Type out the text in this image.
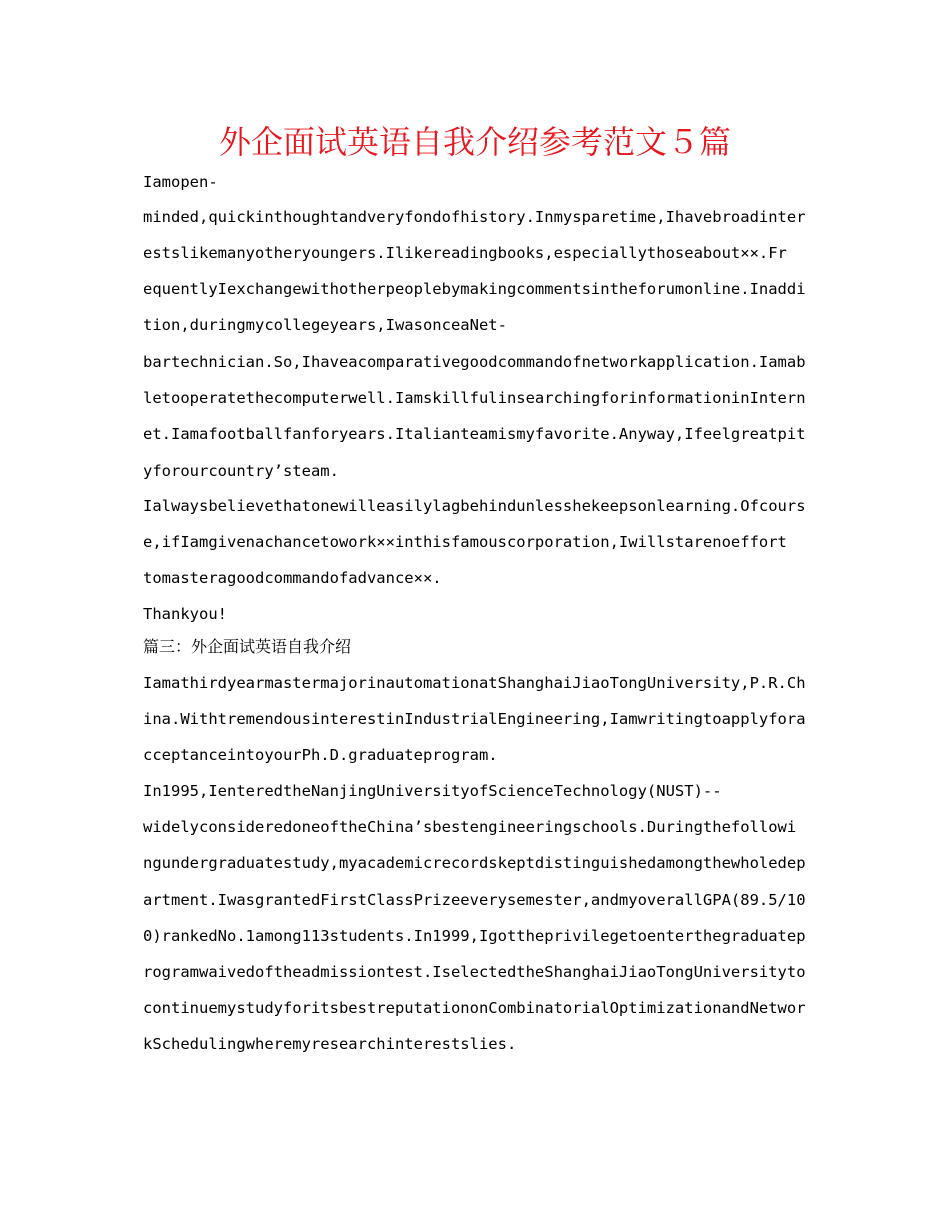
外企面试英语自我介绍参考范文５篇
Iamopen-
minded,quickinthoughtandveryfondofhistory.Inmysparetime,Ihavebroadinter
estslikemanyotheryoungers.Ilikereadingbooks,especiallythoseabout××.Fr
equentlyIexchangewithotherpeoplebymakingcommentsintheforumonline.Inaddi
tion,duringmycollegeyears,IwasonceaNet-
bartechnician.So,Ihaveacomparativegoodcommandofnetworkapplication.Iamab
letooperatethecomputerwell.IamskillfulinsearchingforinformationinIntern
et.Iamafootballfanforyears.Italianteamismyfavorite.Anyway,Ifeelgreatpit
yforourcountry’steam.
Ialwaysbelievethatonewilleasilylagbehindunlesshekeepsonlearning.Ofcours
e,ifIamgivenachancetowork××inthisfamouscorporation,Iwillstarenoeffort
tomasteragoodcommandofadvance××.
Thankyou!
篇三：外企面试英语自我介绍
IamathirdyearmastermajorinautomationatShanghaiJiaoTongUniversity,P.R.Ch
ina.WithtremendousinterestinIndustrialEngineering,Iamwritingtoapplyfora
cceptanceintoyourPh.D.graduateprogram.
In1995,IenteredtheNanjingUniversityofScienceTechnology(NUST)--
widelyconsideredoneoftheChina’sbestengineeringschools.Duringthefollowi
ngundergraduatestudy,myacademicrecordskeptdistinguishedamongthewholedep
artment.IwasgrantedFirstClassPrizeeverysemester,andmyoverallGPA(89.5/10
0)rankedNo.1among113students.In1999,Igottheprivilegetoenterthegraduatep
rogramwaivedoftheadmissiontest.IselectedtheShanghaiJiaoTongUniversityto
continuemystudyforitsbestreputationonCombinatorialOptimizationandNetwor
kSchedulingwheremyresearchinterestslies.
